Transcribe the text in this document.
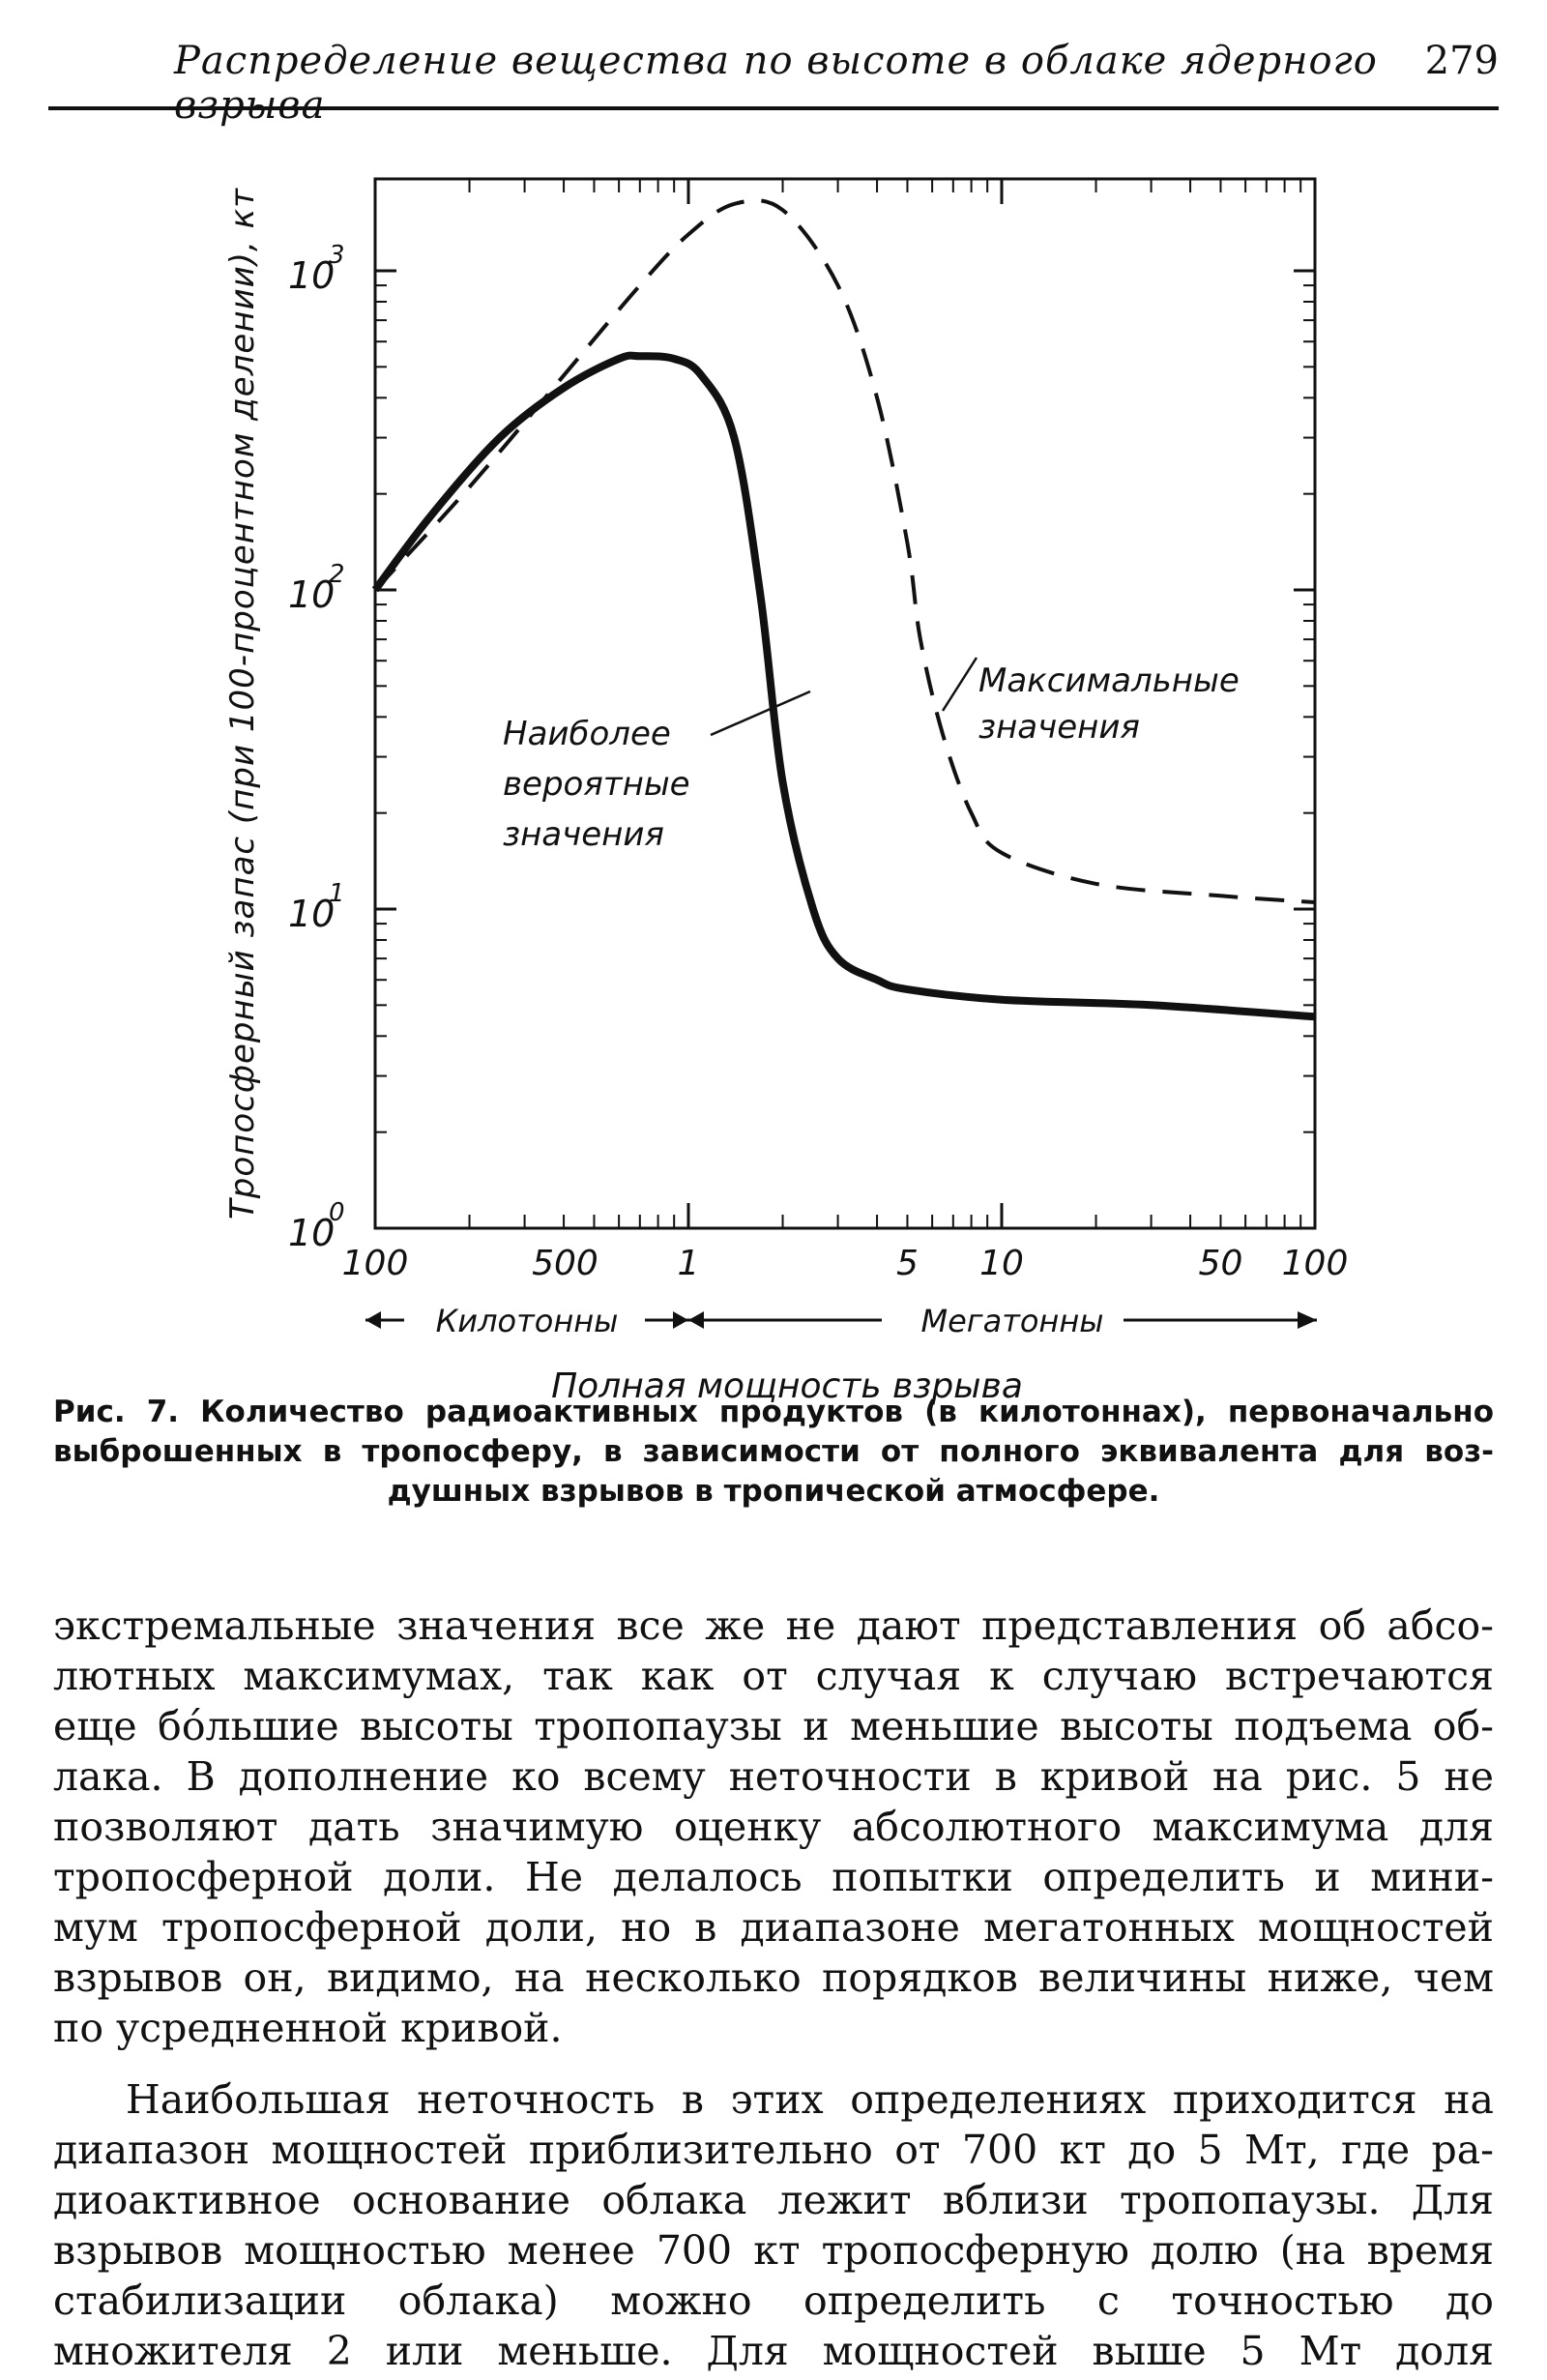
Распределение вещества по высоте в облаке ядерного взрыва
279
10
0
10
1
10
2
10
3
Тропосферный запас (при 100-процентном делении), кт
100	500 1	5 10	50 100
Килотонны	Мегатонны
Полная мощность взрыва
Наиболее
вероятные
значения
Максимальные
значения
Рис. 7. Количество радиоактивных продуктов (в килотоннах), первоначально
выброшенных в тропосферу, в зависимости от полного эквивалента для воз-
душных взрывов в тропической атмосфере.
экстремальные значения все же не дают представления об абсо-
лютных максимумах, так как от случая к случаю встречаются
еще бóльшие высоты тропопаузы и меньшие высоты подъема об-
лака. В дополнение ко всему неточности в кривой на рис. 5 не
позволяют дать значимую оценку абсолютного максимума для
тропосферной доли. Не делалось попытки определить и мини-
мум тропосферной доли, но в диапазоне мегатонных мощностей
взрывов он, видимо, на несколько порядков величины ниже, чем
по усредненной кривой.
Наибольшая неточность в этих определениях приходится на
диапазон мощностей приблизительно от 700 кт до 5 Мт, где ра-
диоактивное основание облака лежит вблизи тропопаузы. Для
взрывов мощностью менее 700 кт тропосферную долю (на время
стабилизации облака) можно определить с точностью до
множителя 2 или меньше. Для мощностей выше 5 Мт доля
